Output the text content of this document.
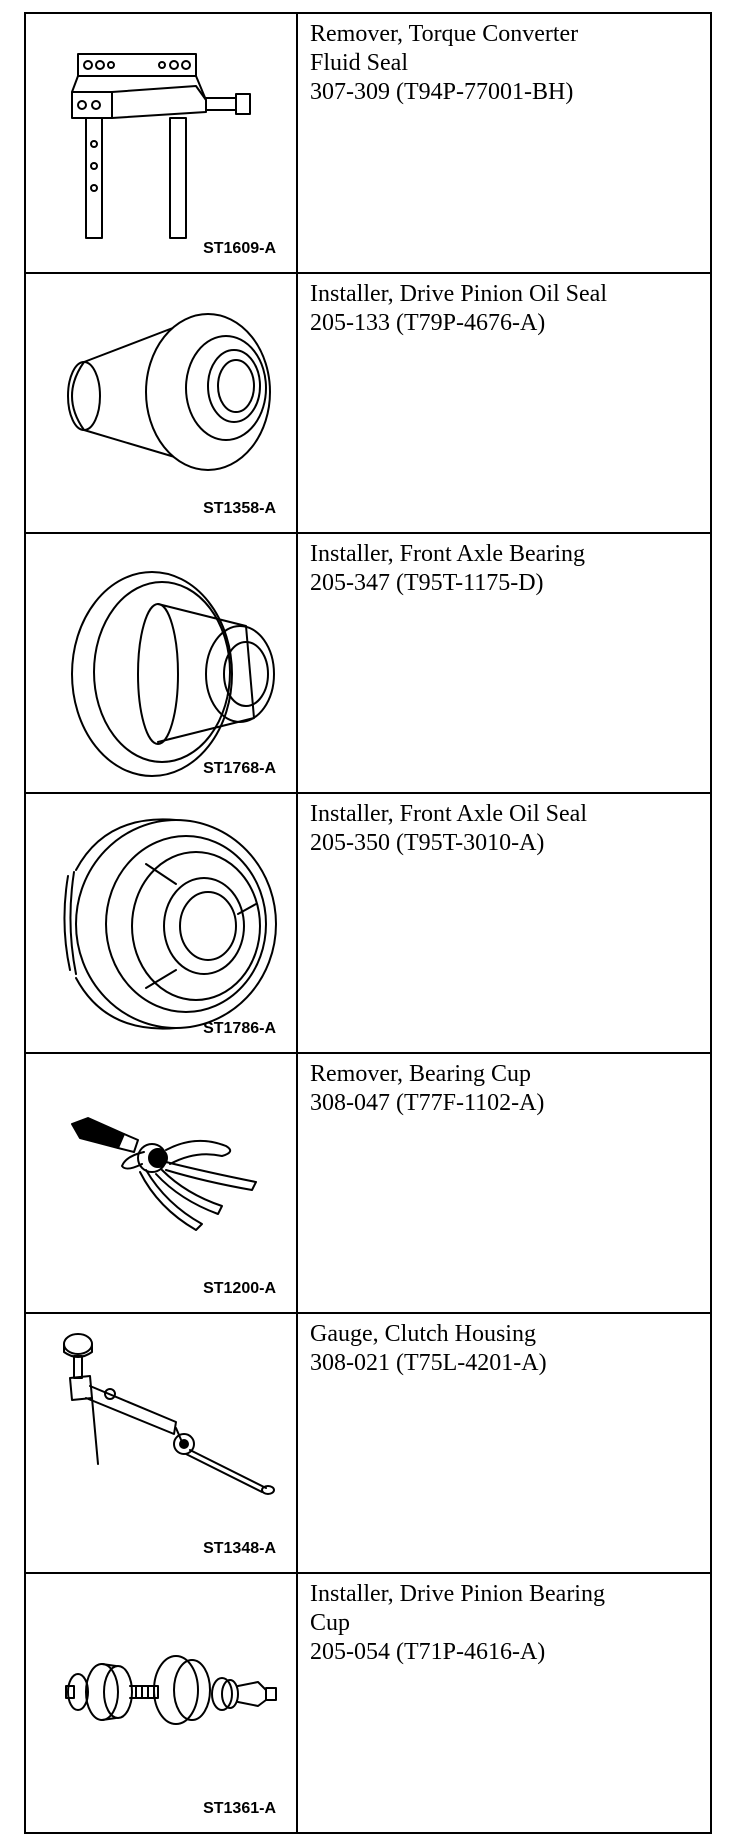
ST1609-A	Remover, Torque Converter
Fluid Seal
307-309 (T94P-77001-BH)

ST1358-A	Installer, Drive Pinion Oil Seal
205-133 (T79P-4676-A)

ST1768-A	Installer, Front Axle Bearing
205-347 (T95T-1175-D)

ST1786-A	Installer, Front Axle Oil Seal
205-350 (T95T-3010-A)

ST1200-A	Remover, Bearing Cup
308-047 (T77F-1102-A)

ST1348-A	Gauge, Clutch Housing
308-021 (T75L-4201-A)

ST1361-A	Installer, Drive Pinion Bearing
Cup
205-054 (T71P-4616-A)
